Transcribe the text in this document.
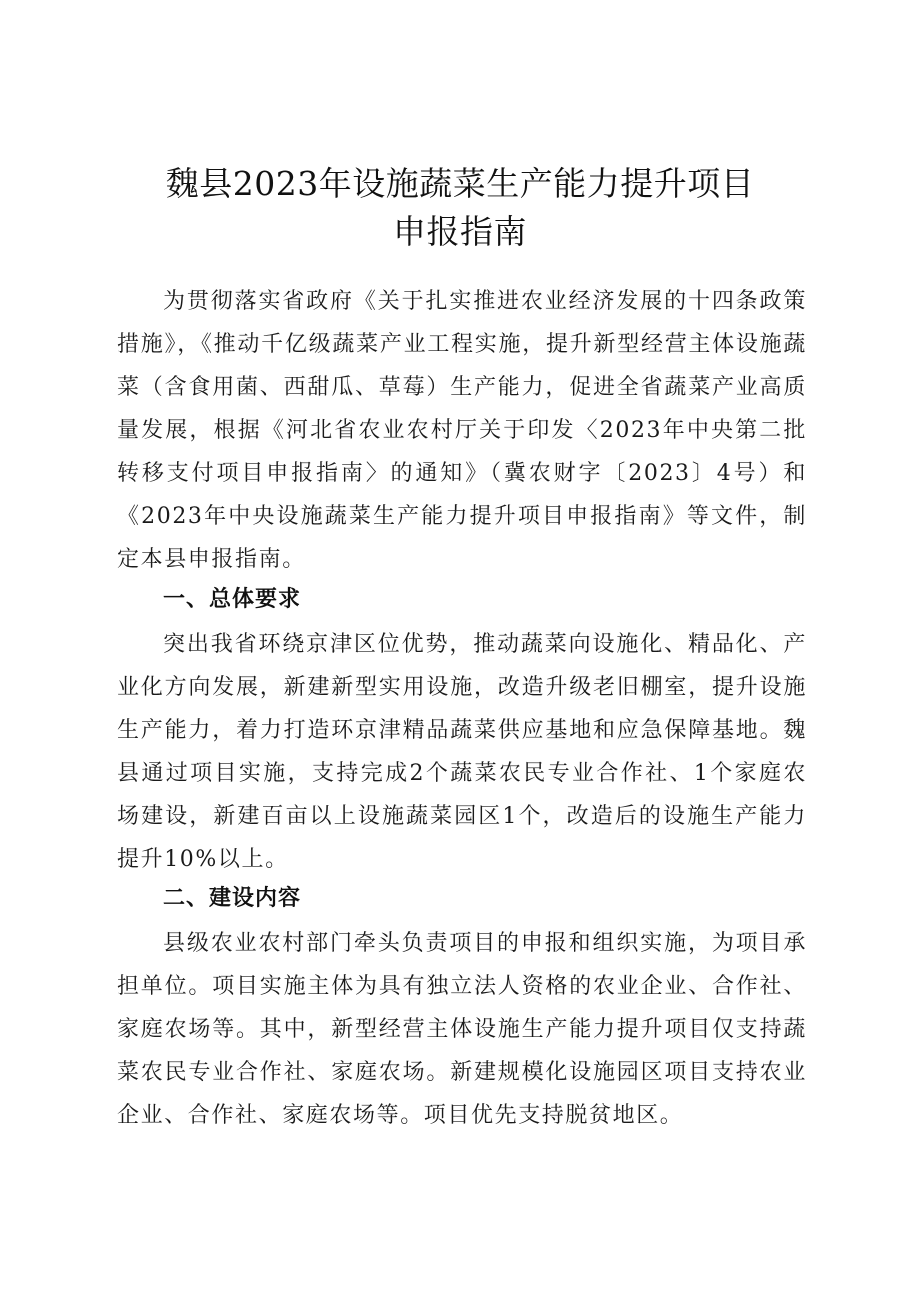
魏县2023年设施蔬菜生产能力提升项目
申报指南

为贯彻落实省政府《关于扎实推进农业经济发展的十四条政策措施》，《推动千亿级蔬菜产业工程实施，提升新型经营主体设施蔬菜（含食用菌、西甜瓜、草莓）生产能力，促进全省蔬菜产业高质量发展，根据《河北省农业农村厅关于印发〈2023年中央第二批转移支付项目申报指南〉的通知》（冀农财字〔2023〕4号）和《2023年中央设施蔬菜生产能力提升项目申报指南》等文件，制定本县申报指南。

一、总体要求

突出我省环绕京津区位优势，推动蔬菜向设施化、精品化、产业化方向发展，新建新型实用设施，改造升级老旧棚室，提升设施生产能力，着力打造环京津精品蔬菜供应基地和应急保障基地。魏县通过项目实施，支持完成2个蔬菜农民专业合作社、1个家庭农场建设，新建百亩以上设施蔬菜园区1个，改造后的设施生产能力提升10%以上。

二、建设内容

县级农业农村部门牵头负责项目的申报和组织实施，为项目承担单位。项目实施主体为具有独立法人资格的农业企业、合作社、家庭农场等。其中，新型经营主体设施生产能力提升项目仅支持蔬菜农民专业合作社、家庭农场。新建规模化设施园区项目支持农业企业、合作社、家庭农场等。项目优先支持脱贫地区。
